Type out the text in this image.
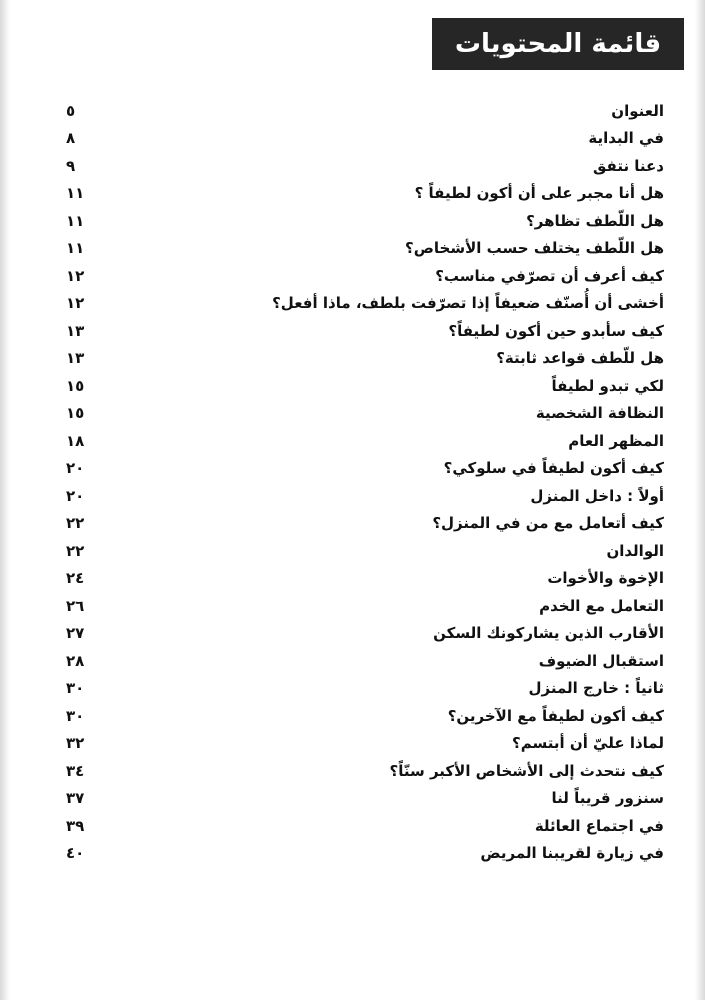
قائمة المحتويات
العنوان
٥
في البداية
٨
دعنا نتفق
٩
هل أنا مجبر على أن أكون لطيفاً ؟
١١
هل اللّطف تظاهر؟
١١
هل اللّطف يختلف حسب الأشخاص؟
١١
كيف أعرف أن تصرّفي مناسب؟
١٢
أخشى أن أُصنّف ضعيفاً إذا تصرّفت بلطف، ماذا أفعل؟
١٢
كيف سأبدو حين أكون لطيفاً؟
١٣
هل للّطف قواعد ثابتة؟
١٣
لكي تبدو لطيفاً
١٥
النظافة الشخصية
١٥
المظهر العام
١٨
كيف أكون لطيفاً في سلوكي؟
٢٠
أولاً : داخل المنزل
٢٠
كيف أتعامل مع من في المنزل؟
٢٢
الوالدان
٢٢
الإخوة والأخوات
٢٤
التعامل مع الخدم
٢٦
الأقارب الذين يشاركونك السكن
٢٧
استقبال الضيوف
٢٨
ثانياً : خارج المنزل
٣٠
كيف أكون لطيفاً مع الآخرين؟
٣٠
لماذا عليّ أن أبتسم؟
٣٢
كيف نتحدث إلى الأشخاص الأكبر سنّاً؟
٣٤
سنزور قريباً لنا
٣٧
في اجتماع العائلة
٣٩
في زيارة لقريبنا المريض
٤٠
